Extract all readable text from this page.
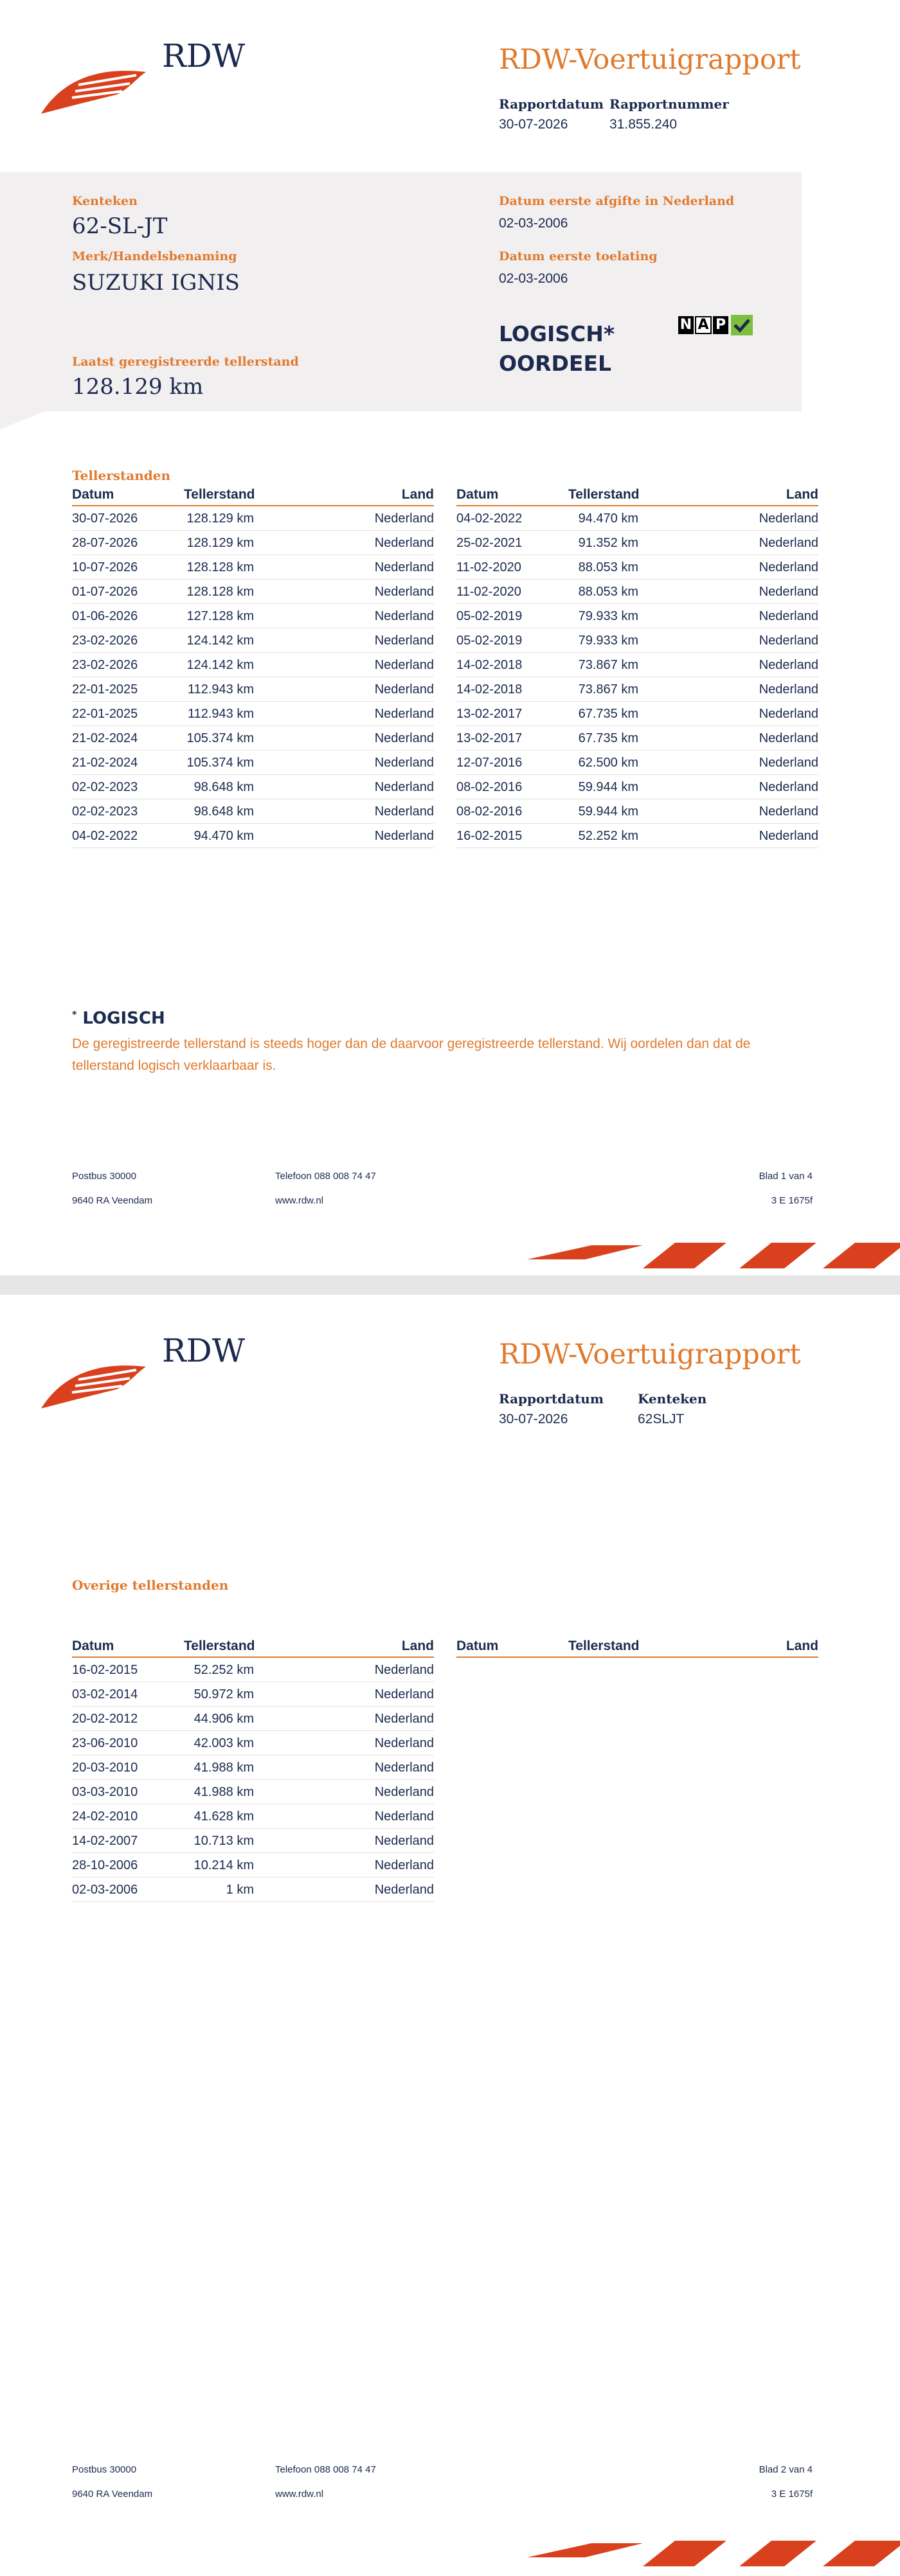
RDW	RDW-Voertuigrapport
Rapportdatum
30-07-2026
Rapportnummer
31.855.240
Kenteken
62-SL-JT
Merk/Handelsbenaming
SUZUKI IGNIS
Laatst geregistreerde tellerstand
128.129 km
Datum eerste afgifte in Nederland
02-03-2006
Datum eerste toelating
02-03-2006
LOGISCH*
OORDEEL
N A P
Tellerstanden
Datum	Tellerstand	Land
30-07-2026	128.129 km	Nederland
28-07-2026	128.129 km	Nederland
10-07-2026	128.128 km	Nederland
01-07-2026	128.128 km	Nederland
01-06-2026	127.128 km	Nederland
23-02-2026	124.142 km	Nederland
23-02-2026	124.142 km	Nederland
22-01-2025	112.943 km	Nederland
22-01-2025	112.943 km	Nederland
21-02-2024	105.374 km	Nederland
21-02-2024	105.374 km	Nederland
02-02-2023	98.648 km	Nederland
02-02-2023	98.648 km	Nederland
04-02-2022	94.470 km	Nederland
Datum	Tellerstand	Land
04-02-2022	94.470 km	Nederland
25-02-2021	91.352 km	Nederland
11-02-2020	88.053 km	Nederland
11-02-2020	88.053 km	Nederland
05-02-2019	79.933 km	Nederland
05-02-2019	79.933 km	Nederland
14-02-2018	73.867 km	Nederland
14-02-2018	73.867 km	Nederland
13-02-2017	67.735 km	Nederland
13-02-2017	67.735 km	Nederland
12-07-2016	62.500 km	Nederland
08-02-2016	59.944 km	Nederland
08-02-2016	59.944 km	Nederland
16-02-2015	52.252 km	Nederland
* LOGISCH
De geregistreerde tellerstand is steeds hoger dan de daarvoor geregistreerde tellerstand. Wij oordelen dan dat de tellerstand logisch verklaarbaar is.
Postbus 30000
9640 RA Veendam
Telefoon 088 008 74 47
www.rdw.nl
Blad 1 van 4
3 E 1675f
RDW	RDW-Voertuigrapport
Rapportdatum
30-07-2026
Kenteken
62SLJT
Overige tellerstanden
Datum	Tellerstand	Land
16-02-2015	52.252 km	Nederland
03-02-2014	50.972 km	Nederland
20-02-2012	44.906 km	Nederland
23-06-2010	42.003 km	Nederland
20-03-2010	41.988 km	Nederland
03-03-2010	41.988 km	Nederland
24-02-2010	41.628 km	Nederland
14-02-2007	10.713 km	Nederland
28-10-2006	10.214 km	Nederland
02-03-2006	1 km	Nederland
Datum	Tellerstand	Land
Postbus 30000
9640 RA Veendam
Telefoon 088 008 74 47
www.rdw.nl
Blad 2 van 4
3 E 1675f
